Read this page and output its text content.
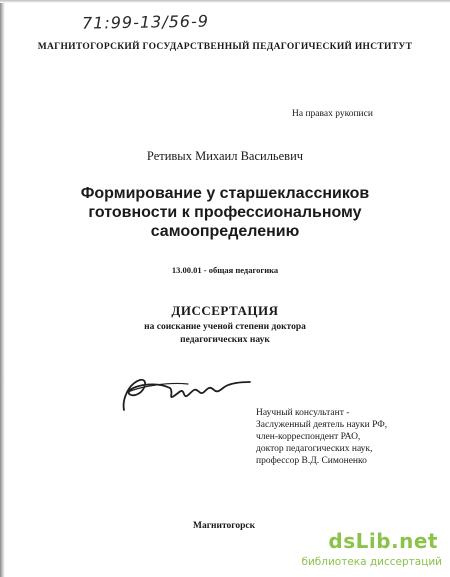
71:99-13/56-9
МАГНИТОГОРСКИЙ ГОСУДАРСТВЕННЫЙ ПЕДАГОГИЧЕСКИЙ ИНСТИТУТ
На правах рукописи
Ретивых Михаил Васильевич
Формирование у старшеклассников
готовности к профессиональному
самоопределению
13.00.01 - общая педагогика
ДИССЕРТАЦИЯ
на соискание ученой степени доктора
педагогических наук
Научный консультант -
Заслуженный деятель науки РФ,
член-корреспондент РАО,
доктор педагогических наук,
профессор В.Д. Симоненко
Магнитогорск
dsLib.net
библиотека диссертаций
